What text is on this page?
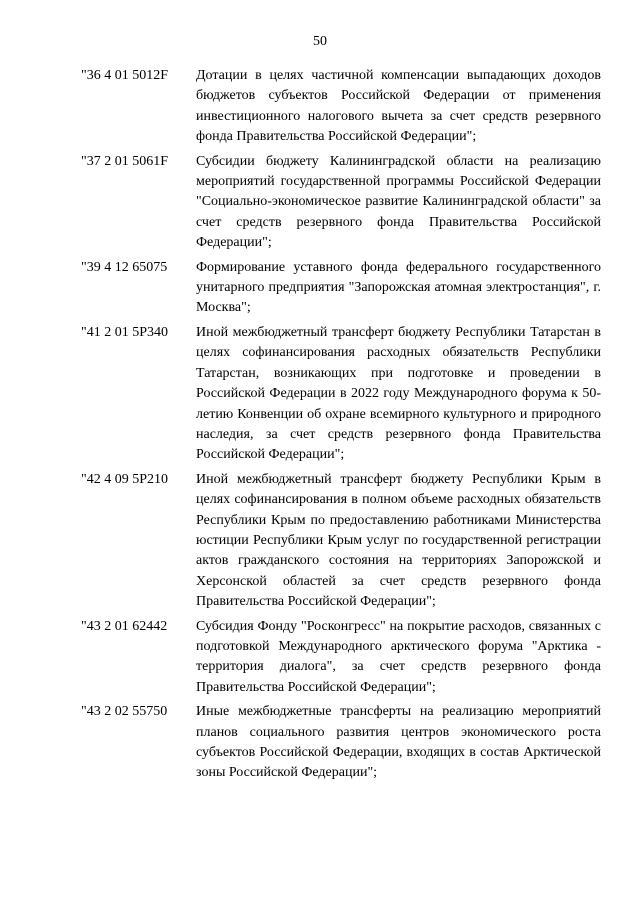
50
"36 4 01 5012F	Дотации в целях частичной компенсации выпадающих доходов бюджетов субъектов Российской Федерации от применения инвестиционного налогового вычета за счет средств резервного фонда Правительства Российской Федерации";
"37 2 01 5061F	Субсидии бюджету Калининградской области на реализацию мероприятий государственной программы Российской Федерации "Социально-экономическое развитие Калининградской области" за счет средств резервного фонда Правительства Российской Федерации";
"39 4 12 65075	Формирование уставного фонда федерального государственного унитарного предприятия "Запорожская атомная электростанция", г. Москва";
"41 2 01 5Р340	Иной межбюджетный трансферт бюджету Республики Татарстан в целях софинансирования расходных обязательств Республики Татарстан, возникающих при подготовке и проведении в Российской Федерации в 2022 году Международного форума к 50-летию Конвенции об охране всемирного культурного и природного наследия, за счет средств резервного фонда Правительства Российской Федерации";
"42 4 09 5Р210	Иной межбюджетный трансферт бюджету Республики Крым в целях софинансирования в полном объеме расходных обязательств Республики Крым по предоставлению работниками Министерства юстиции Республики Крым услуг по государственной регистрации актов гражданского состояния на территориях Запорожской и Херсонской областей за счет средств резервного фонда Правительства Российской Федерации";
"43 2 01 62442	Субсидия Фонду "Росконгресс" на покрытие расходов, связанных с подготовкой Международного арктического форума "Арктика - территория диалога", за счет средств резервного фонда Правительства Российской Федерации";
"43 2 02 55750	Иные межбюджетные трансферты на реализацию мероприятий планов социального развития центров экономического роста субъектов Российской Федерации, входящих в состав Арктической зоны Российской Федерации";
